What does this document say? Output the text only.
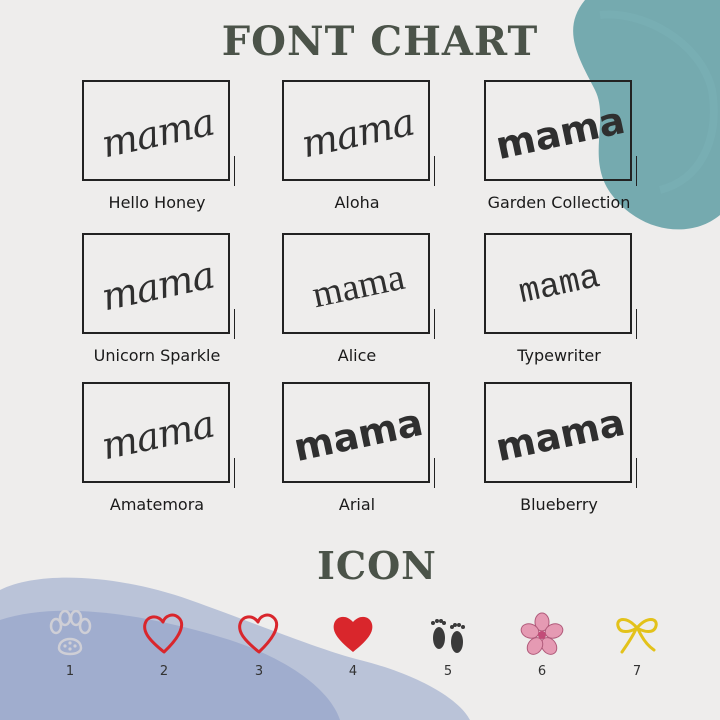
FONT CHART
mama
Hello Honey
mama
Aloha
mama
Garden Collection
mama
Unicorn Sparkle
mama
Alice
mama
Typewriter
mama
Amatemora
mama
Arial
mama
Blueberry
ICON
1	2	3	4	5	6	7
